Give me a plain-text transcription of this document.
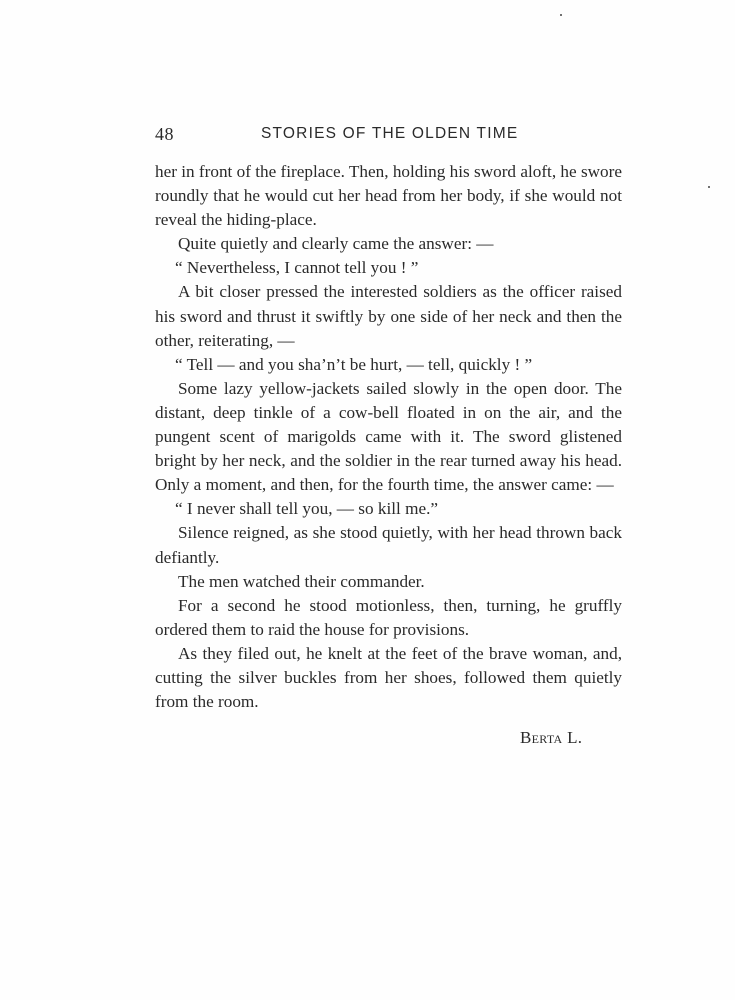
48	STORIES OF THE OLDEN TIME

her in front of the fireplace. Then, holding his sword aloft, he swore roundly that he would cut her head from her body, if she would not reveal the hiding-place.

Quite quietly and clearly came the answer: —

“ Nevertheless, I cannot tell you ! ”

A bit closer pressed the interested soldiers as the officer raised his sword and thrust it swiftly by one side of her neck and then the other, reiterating, —

“ Tell — and you sha’n’t be hurt, — tell, quickly ! ”

Some lazy yellow-jackets sailed slowly in the open door. The distant, deep tinkle of a cow-bell floated in on the air, and the pungent scent of marigolds came with it. The sword glistened bright by her neck, and the soldier in the rear turned away his head. Only a moment, and then, for the fourth time, the answer came: —

“ I never shall tell you, — so kill me.”

Silence reigned, as she stood quietly, with her head thrown back defiantly.

The men watched their commander.

For a second he stood motionless, then, turning, he gruffly ordered them to raid the house for provisions.

As they filed out, he knelt at the feet of the brave woman, and, cutting the silver buckles from her shoes, followed them quietly from the room.

Berta L.
